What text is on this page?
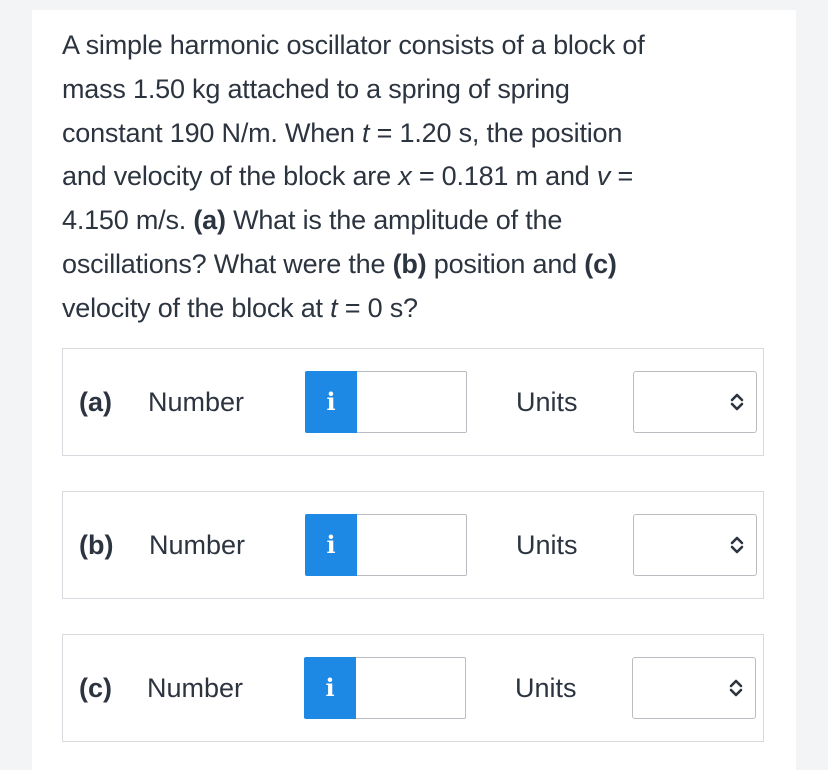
A simple harmonic oscillator consists of a block of
mass 1.50 kg attached to a spring of spring
constant 190 N/m. When t = 1.20 s, the position
and velocity of the block are x = 0.181 m and v =
4.150 m/s. (a) What is the amplitude of the
oscillations? What were the (b) position and (c)
velocity of the block at t = 0 s?

(a) Number	i	Units
(b) Number	i	Units
(c) Number	i	Units
